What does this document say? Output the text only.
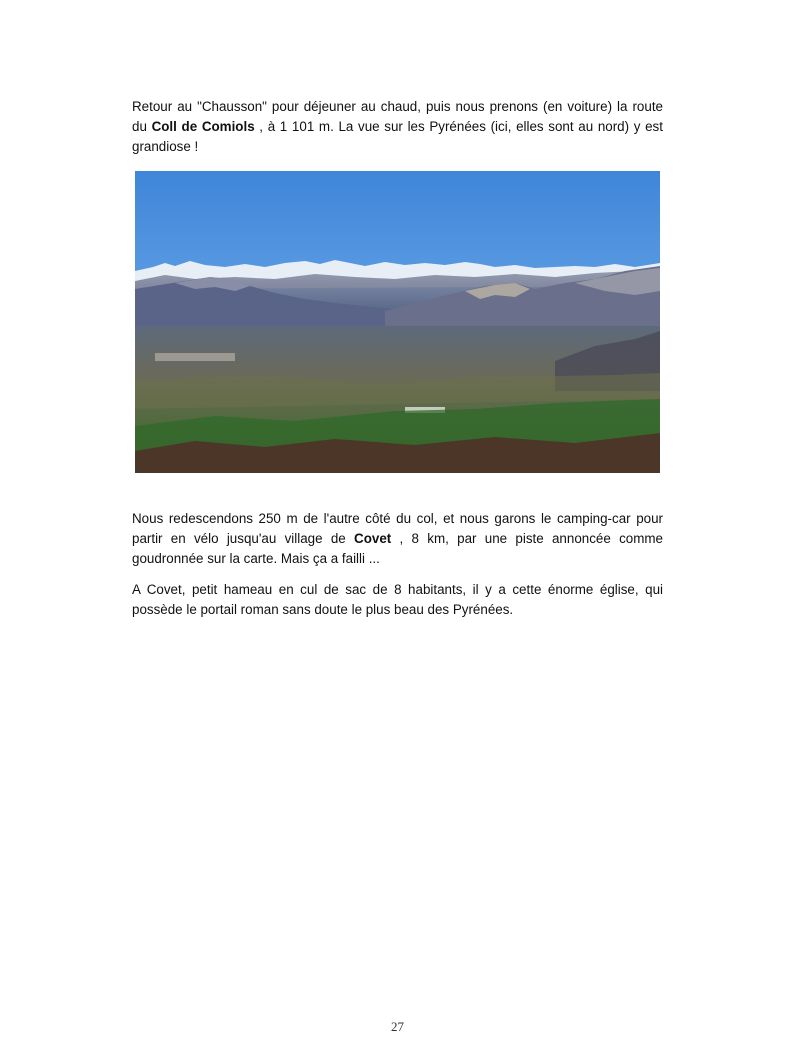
Retour au "Chausson" pour déjeuner au chaud, puis nous prenons (en voiture) la route du Coll de Comiols , à 1 101 m. La vue sur les Pyrénées (ici, elles sont au nord) y est grandiose !

Nous redescendons 250 m de l'autre côté du col, et nous garons le camping-car pour partir en vélo jusqu'au village de Covet , 8 km, par une piste annoncée comme goudronnée sur la carte. Mais ça a failli ...

A Covet, petit hameau en cul de sac de 8 habitants, il y a cette énorme église, qui possède le portail roman sans doute le plus beau des Pyrénées.

27
